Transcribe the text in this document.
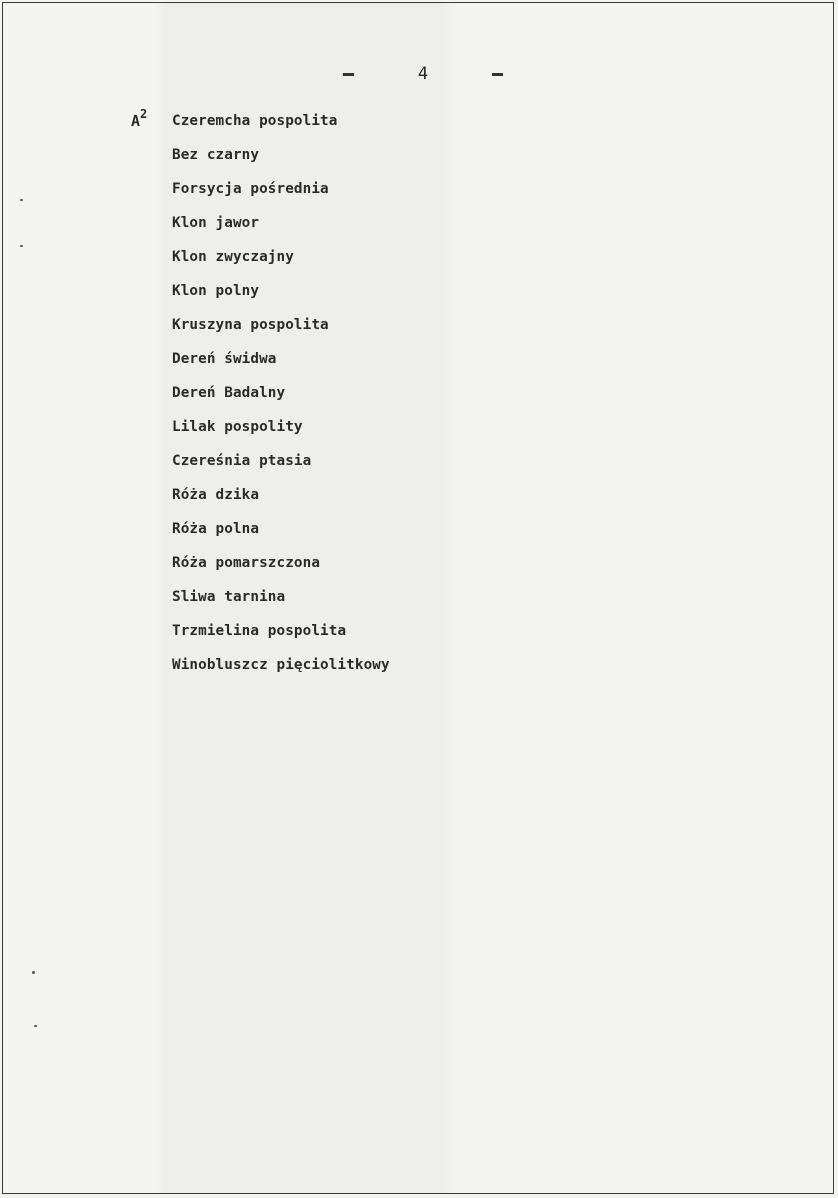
4
$A^2$ Czeremcha pospolita
Bez czarny
Forsycja pośrednia
Klon jawor
Klon zwyczajny
Klon polny
Kruszyna pospolita
Dereń świdwa
Dereń Badalny
Lilak pospolity
Czereśnia ptasia
Róża dzika
Róża polna
Róża pomarszczona
Sliwa tarnina
Trzmielina pospolita
Winobluszcz pięciolitkowy
